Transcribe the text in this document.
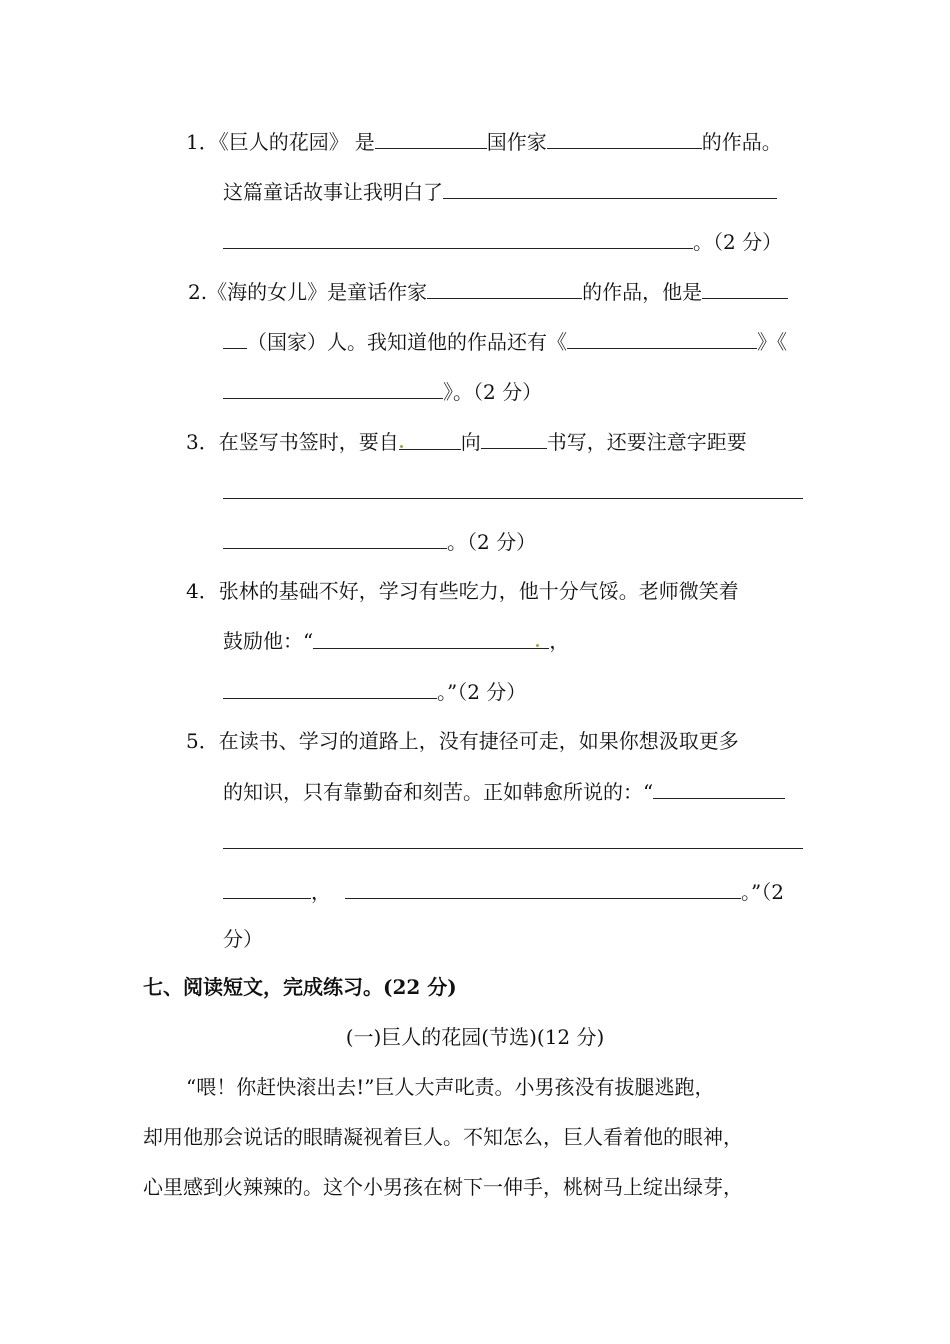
1．《巨人的花园》 是	国作家	的作品。
这篇童话故事让我明白了
。（2 分）
2.《海的女儿》是童话作家	的作品，他是
（国家）人。我知道他的作品还有《	》《
》。（2 分）
3．在竖写书签时，要自	向	书写，还要注意字距要
。（2 分）
4．张林的基础不好，学习有些吃力，他十分气馁。老师微笑着
鼓励他：“	，
。”（2 分）
5．在读书、学习的道路上，没有捷径可走，如果你想汲取更多
的知识，只有靠勤奋和刻苦。正如韩愈所说的：“
，	。”（2
分）
七、阅读短文，完成练习。(22 分)
(一)巨人的花园(节选)(12 分)
“喂！你赶快滚出去!”巨人大声叱责。小男孩没有拔腿逃跑，
却用他那会说话的眼睛凝视着巨人。不知怎么，巨人看着他的眼神，
心里感到火辣辣的。这个小男孩在树下一伸手，桃树马上绽出绿芽，
